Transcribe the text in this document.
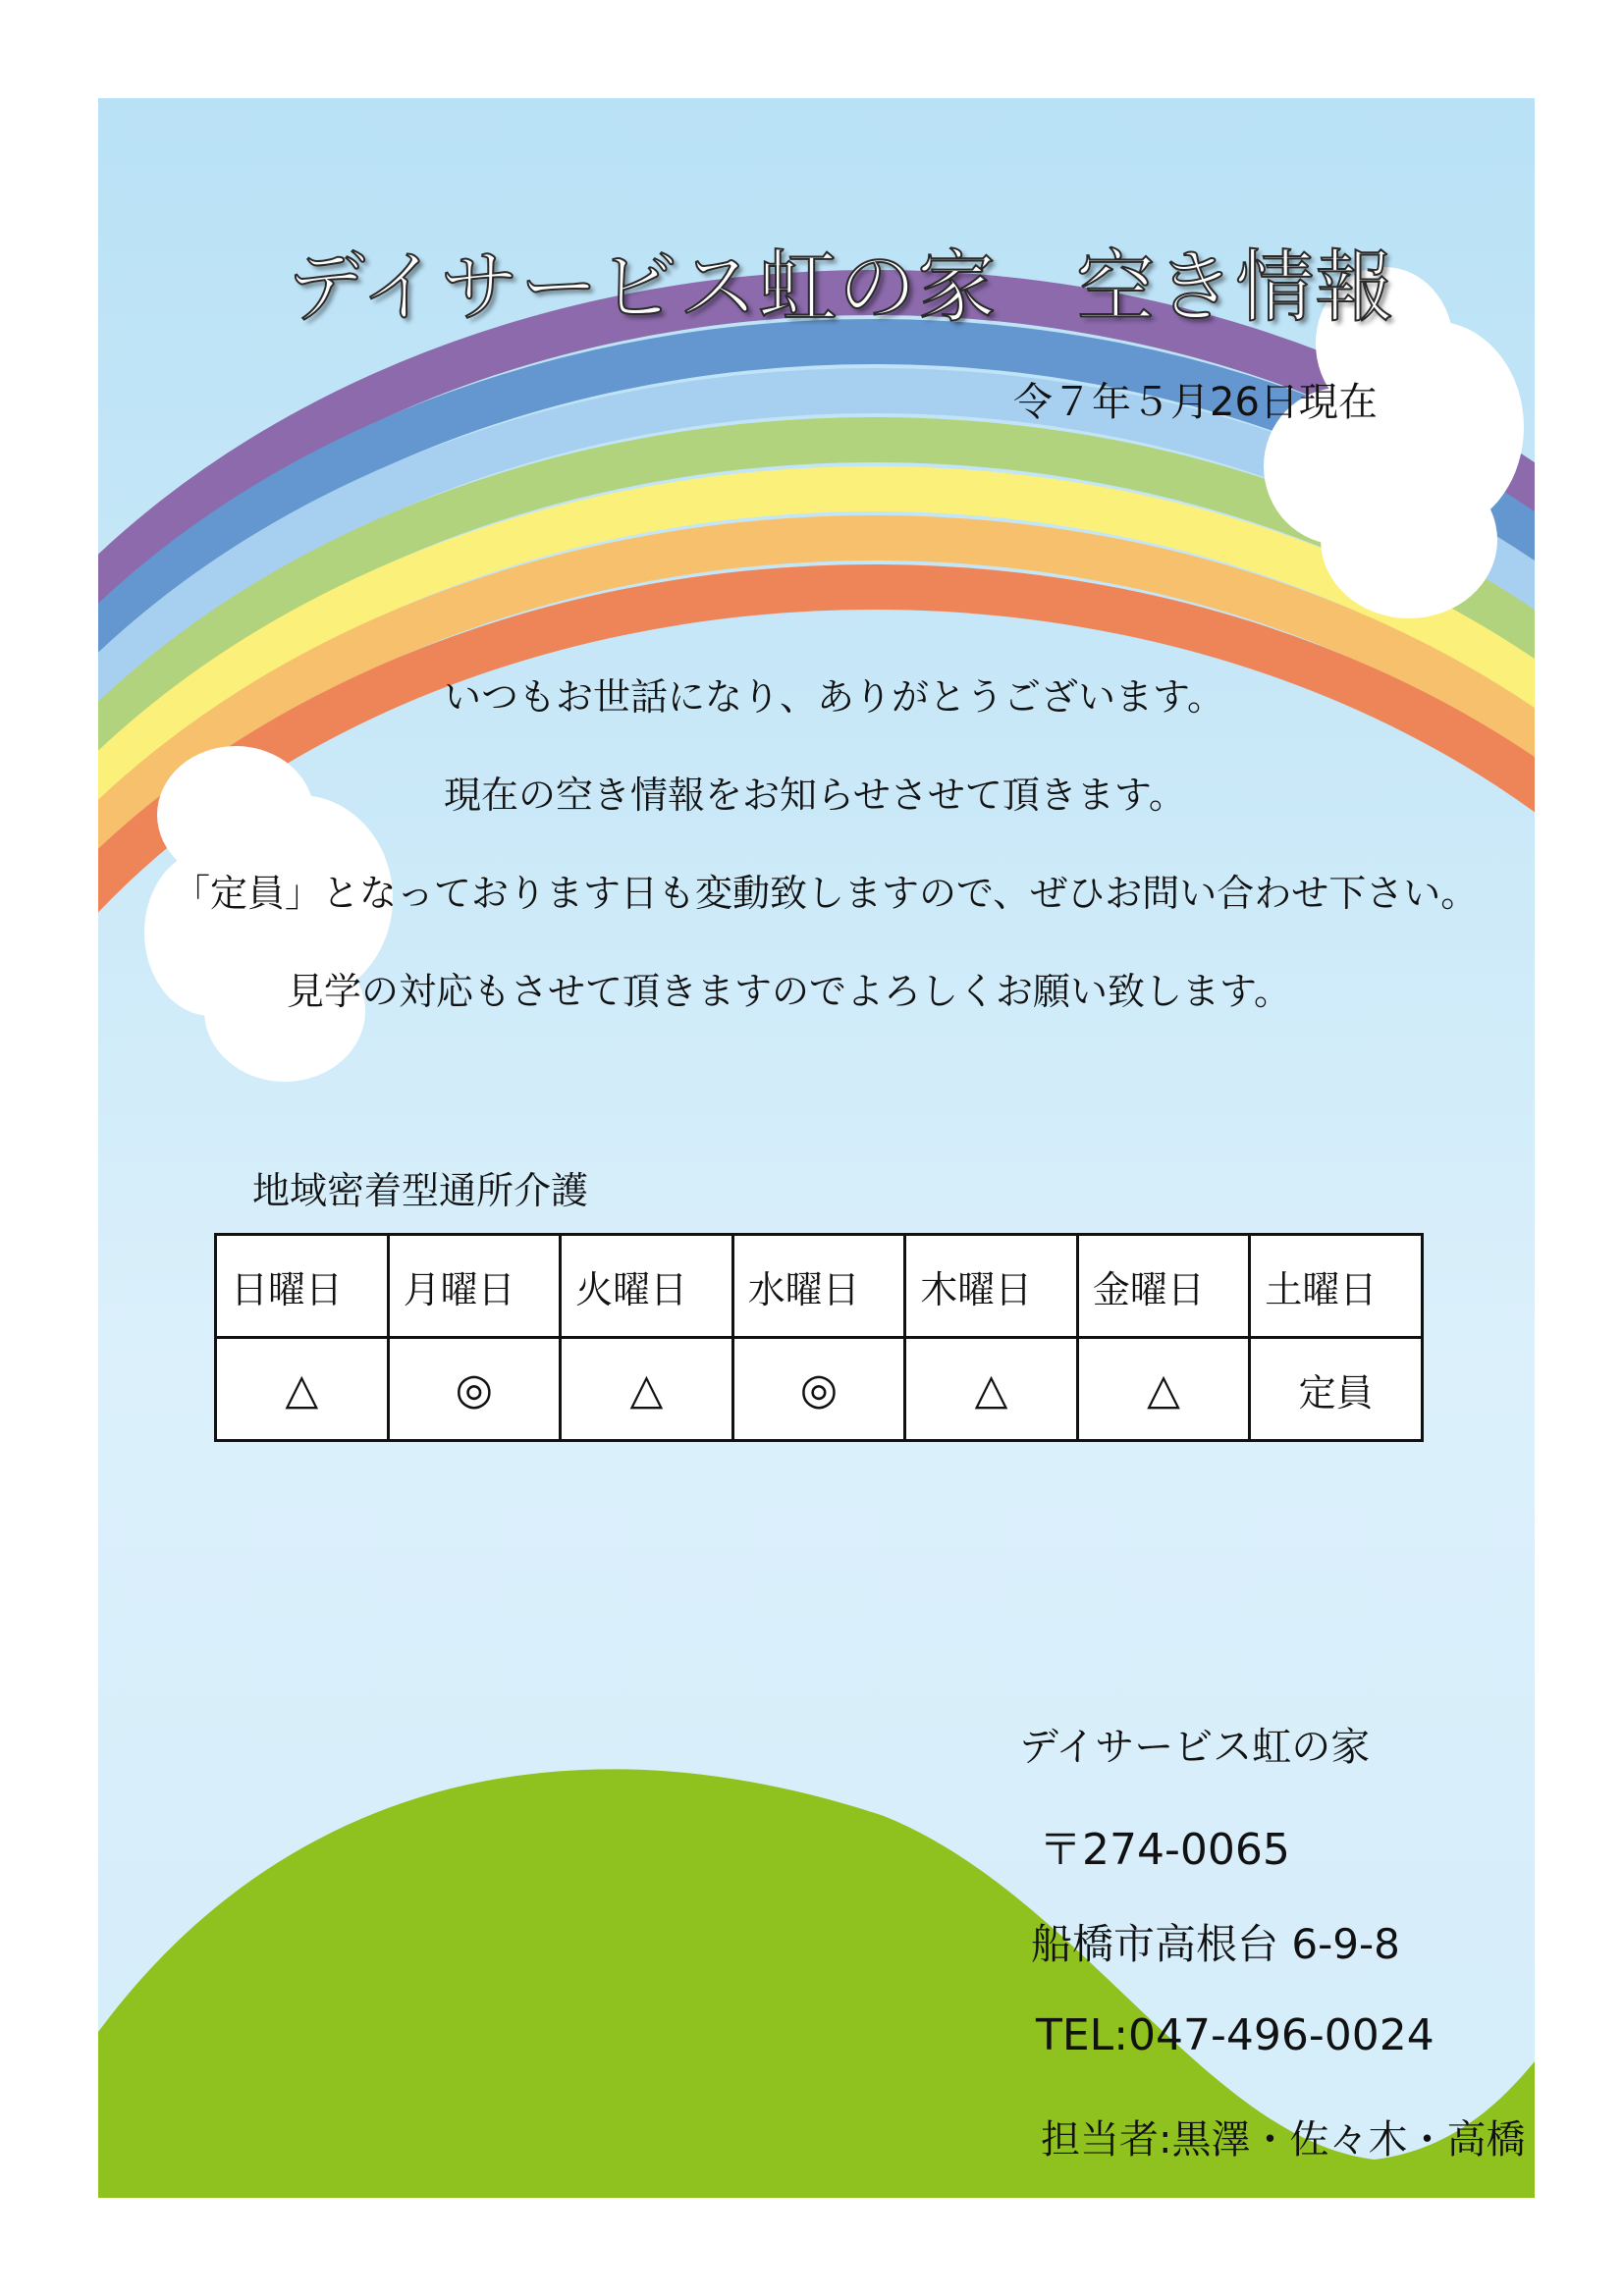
デイサービス虹の家　空き情報
令７年５月26日現在
いつもお世話になり、ありがとうございます。
現在の空き情報をお知らせさせて頂きます。
「定員」となっております日も変動致しますので、ぜひお問い合わせ下さい。
見学の対応もさせて頂きますのでよろしくお願い致します。
地域密着型通所介護
日曜日	月曜日	火曜日	水曜日	木曜日	金曜日	土曜日
△	◎	△	◎	△	△	定員
デイサービス虹の家
〒274-0065
船橋市高根台 6-9-8
TEL:047-496-0024
担当者:黒澤・佐々木・高橋
